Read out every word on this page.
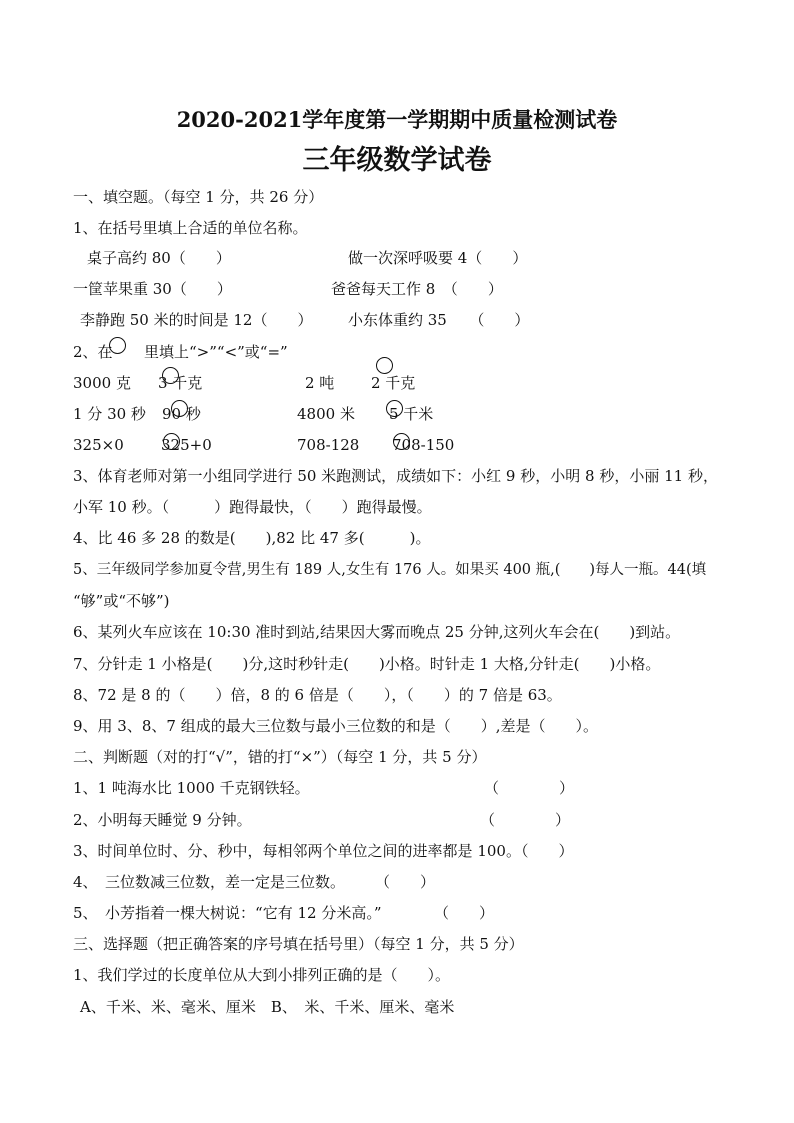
2020-2021学年度第一学期期中质量检测试卷
三年级数学试卷
一、填空题。（每空 1 分，共 26 分）
1、在括号里填上合适的单位名称。
桌子高约 80（　　）	做一次深呼吸要 4（　　）
一筐苹果重 30（　　）	爸爸每天工作 8　（　　）
李静跑 50 米的时间是 12（　　） 小东体重约 35　　（　　）
2、在 里填上“>”“<”或“=”
3000 克 3 千克	2 吨 2 千克
1 分 30 秒 90 秒	4800 米 5 千米
325×0 325+0	708-128 708-150
3、体育老师对第一小组同学进行 50 米跑测试，成绩如下：小红 9 秒，小明 8 秒，小丽 11 秒，
小军 10 秒。（　　　）跑得最快，（　　）跑得最慢。
4、比 46 多 28 的数是(　　),82 比 47 多(　　　)。
5、三年级同学参加夏令营,男生有 189 人,女生有 176 人。如果买 400 瓶,(　　)每人一瓶。44(填
“够”或“不够”)
6、某列火车应该在 10:30 准时到站,结果因大雾而晚点 25 分钟,这列火车会在(　　)到站。
7、分针走 1 小格是(　　)分,这时秒针走(　　)小格。时针走 1 大格,分针走(　　)小格。
8、72 是 8 的（　　）倍，8 的 6 倍是（　　），（　　）的 7 倍是 63。
9、用 3、8、7 组成的最大三位数与最小三位数的和是（　　）,差是（　　）。
二、判断题（对的打“√”，错的打“×”）（每空 1 分，共 5 分）
1、1 吨海水比 1000 千克钢铁轻。	（　　　　）
2、小明每天睡觉 9 分钟。	（　　　　）
3、时间单位时、分、秒中，每相邻两个单位之间的进率都是 100。（　　）
4、　三位数减三位数，差一定是三位数。　　　（　　）
5、　小芳指着一棵大树说：“它有 12 分米高。”　　　　（　　）
三、选择题（把正确答案的序号填在括号里）（每空 1 分，共 5 分）
1、我们学过的长度单位从大到小排列正确的是（　　）。
A、千米、米、毫米、厘米　B、　米、千米、厘米、毫米
